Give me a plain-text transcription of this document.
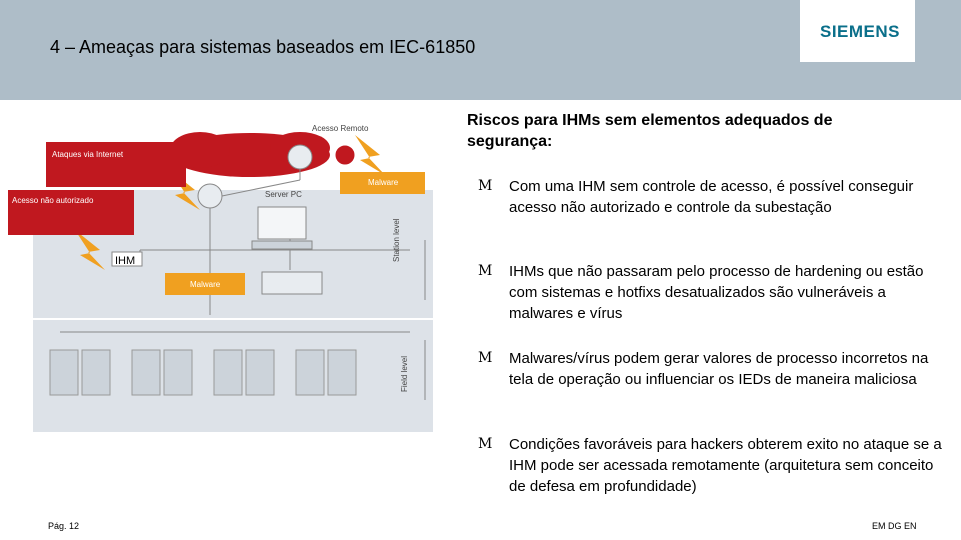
4 – Ameaças para sistemas baseados em IEC-61850
SIEMENS
Ataques via Internet
Acesso não autorizado
Acesso Remoto
Malware
Malware
Server PC
IHM	Station level
Field level
Riscos para IHMs sem elementos adequados de segurança:
M Com uma IHM sem controle de acesso, é possível conseguir acesso não autorizado e controle da subestação
M IHMs que não passaram pelo processo de hardening ou estão com sistemas e hotfixs desatualizados são vulneráveis a malwares e vírus
M Malwares/vírus podem gerar valores de processo incorretos na tela de operação ou influenciar os IEDs de maneira maliciosa
M Condições favoráveis para hackers obterem exito no ataque se a IHM pode ser acessada remotamente (arquitetura sem conceito de defesa em profundidade)
Pág. 12	EM DG EN
